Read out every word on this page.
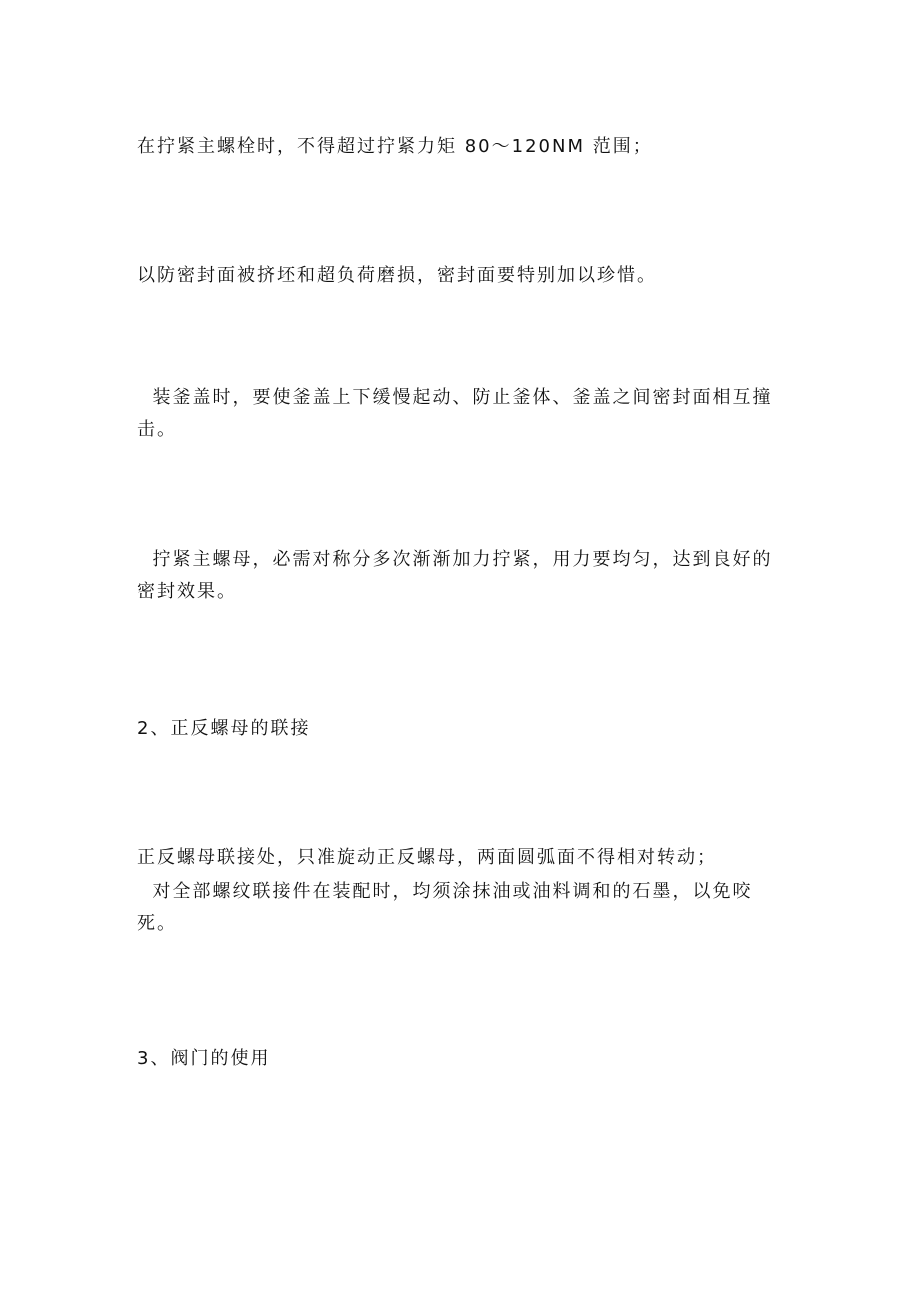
在拧紧主螺栓时，不得超过拧紧力矩 80～120NM 范围；

以防密封面被挤坯和超负荷磨损，密封面要特别加以珍惜。

装釜盖时，要使釜盖上下缓慢起动、防止釜体、釜盖之间密封面相互撞击。

拧紧主螺母，必需对称分多次渐渐加力拧紧，用力要均匀，达到良好的密封效果。

2、正反螺母的联接

正反螺母联接处，只准旋动正反螺母，两面圆弧面不得相对转动；

对全部螺纹联接件在装配时，均须涂抹油或油料调和的石墨，以免咬死。

3、阀门的使用
